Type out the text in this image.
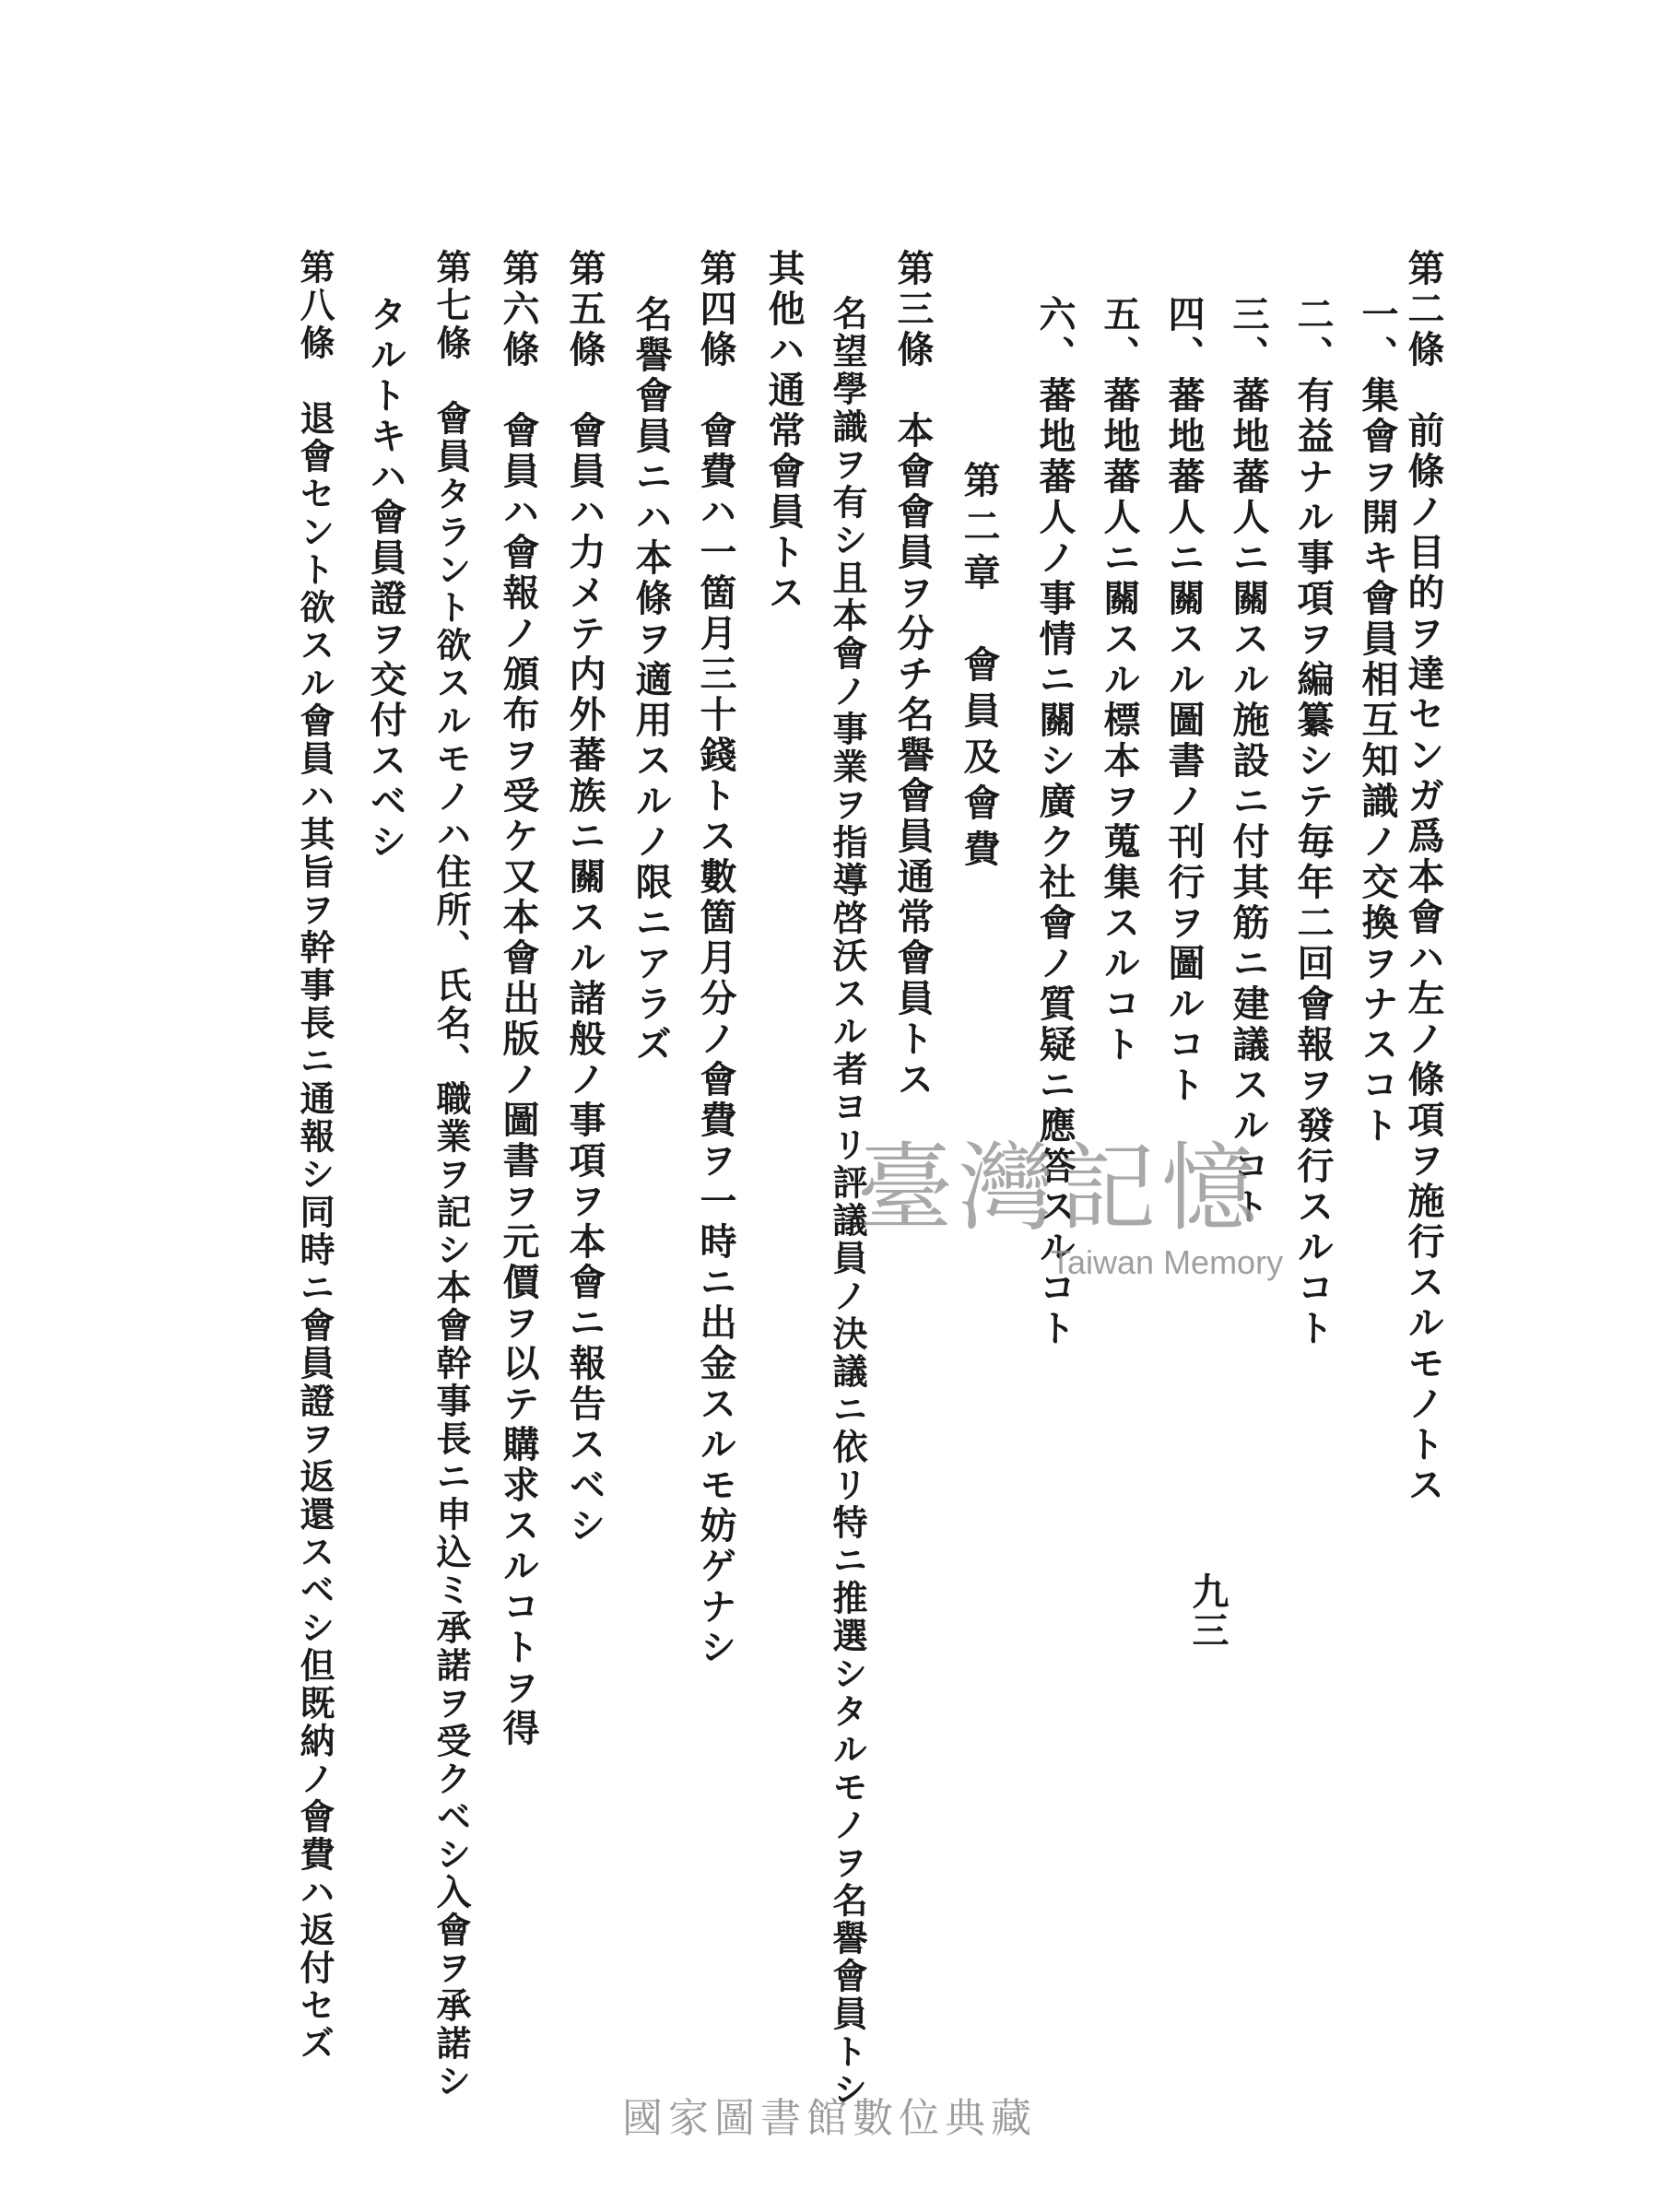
第二條　前條ノ目的ヲ達センガ爲本會ハ左ノ條項ヲ施行スルモノトス
一、集會ヲ開キ會員相互知識ノ交換ヲナスコト
二、有益ナル事項ヲ編纂シテ毎年二回會報ヲ發行スルコト
三、蕃地蕃人ニ關スル施設ニ付其筋ニ建議スルコト
四、蕃地蕃人ニ關スル圖書ノ刊行ヲ圖ルコト
五、蕃地蕃人ニ關スル標本ヲ蒐集スルコト
六、蕃地蕃人ノ事情ニ關シ廣ク社會ノ質疑ニ應答スルコト
第二章　會員及會費
第三條　本會會員ヲ分チ名譽會員通常會員トス
名望學識ヲ有シ且本會ノ事業ヲ指導啓沃スル者ヨリ評議員ノ決議ニ依リ特ニ推選シタルモノヲ名譽會員トシ
其他ハ通常會員トス
第四條　會費ハ一箇月三十錢トス數箇月分ノ會費ヲ一時ニ出金スルモ妨ゲナシ
名譽會員ニハ本條ヲ適用スルノ限ニアラズ
第五條　會員ハ力メテ内外蕃族ニ關スル諸般ノ事項ヲ本會ニ報告スベシ
第六條　會員ハ會報ノ頒布ヲ受ケ又本會出版ノ圖書ヲ元價ヲ以テ購求スルコトヲ得
第七條　會員タラント欲スルモノハ住所、氏名、職業ヲ記シ本會幹事長ニ申込ミ承諾ヲ受クベシ入會ヲ承諾シ
タルトキハ會員證ヲ交付スベシ
第八條　退會セント欲スル會員ハ其旨ヲ幹事長ニ通報シ同時ニ會員證ヲ返還スベシ但既納ノ會費ハ返付セズ	九三
臺灣記憶
Taiwan Memory
國家圖書館數位典藏
